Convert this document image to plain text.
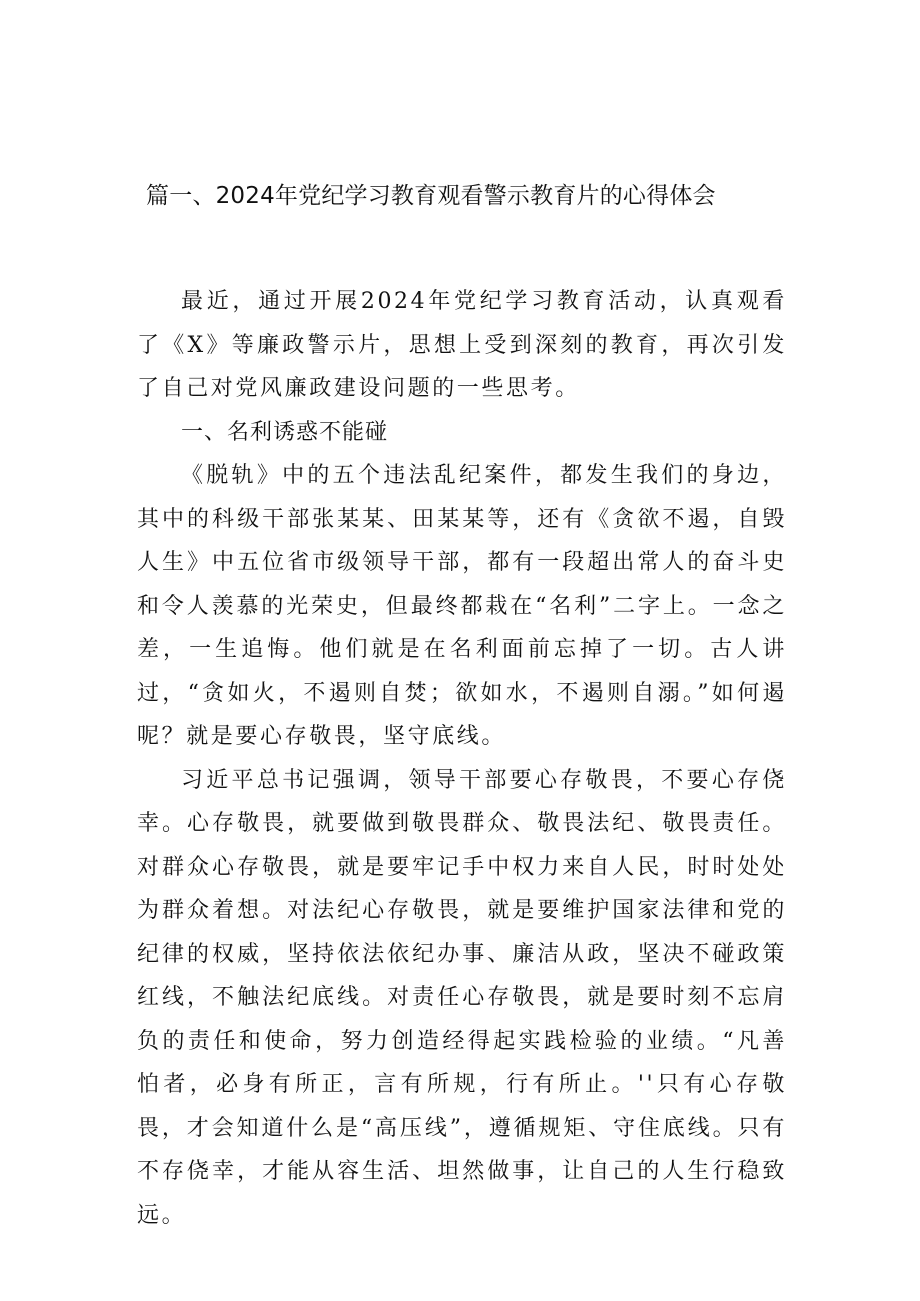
篇一、2024年党纪学习教育观看警示教育片的心得体会

最近，通过开展2024年党纪学习教育活动，认真观看了《X》等廉政警示片，思想上受到深刻的教育，再次引发了自己对党风廉政建设问题的一些思考。

一、名利诱惑不能碰

《脱轨》中的五个违法乱纪案件，都发生我们的身边，其中的科级干部张某某、田某某等，还有《贪欲不遏，自毁人生》中五位省市级领导干部，都有一段超出常人的奋斗史和令人羡慕的光荣史，但最终都栽在“名利”二字上。一念之差，一生追悔。他们就是在名利面前忘掉了一切。古人讲过，“贪如火，不遏则自焚；欲如水，不遏则自溺。”如何遏呢？就是要心存敬畏，坚守底线。

习近平总书记强调，领导干部要心存敬畏，不要心存侥幸。心存敬畏，就要做到敬畏群众、敬畏法纪、敬畏责任。对群众心存敬畏，就是要牢记手中权力来自人民，时时处处为群众着想。对法纪心存敬畏，就是要维护国家法律和党的纪律的权威，坚持依法依纪办事、廉洁从政，坚决不碰政策红线，不触法纪底线。对责任心存敬畏，就是要时刻不忘肩负的责任和使命，努力创造经得起实践检验的业绩。“凡善怕者，必身有所正，言有所规，行有所止。''只有心存敬畏，才会知道什么是“高压线”，遵循规矩、守住底线。只有不存侥幸，才能从容生活、坦然做事，让自己的人生行稳致远。
